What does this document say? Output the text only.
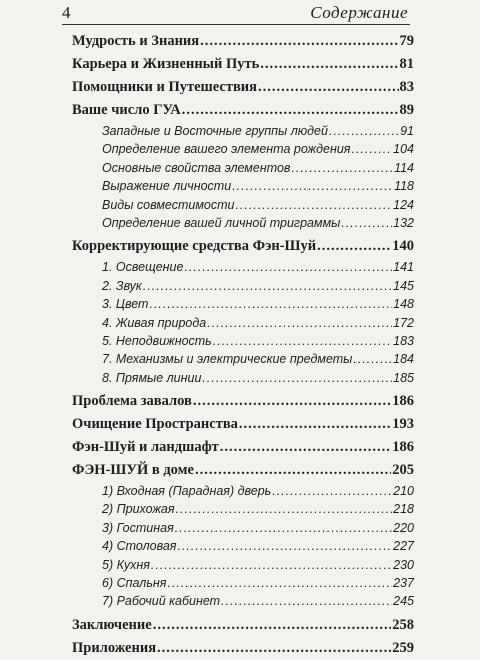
4	Содержание
Мудрость и Знания .....	79
Карьера и Жизненный Путь .....	81
Помощники и Путешествия .....	83
Ваше число ГУА .....	89
Западные и Восточные группы людей .....	91
Определение вашего элемента рождения .....	104
Основные свойства элементов .....	114
Выражение личности .....	118
Виды совместимости .....	124
Определение вашей личной триграммы .....	132
Корректирующие средства Фэн-Шуй .....	140
1. Освещение .....	141
2. Звук .....	145
3. Цвет .....	148
4. Живая природа .....	172
5. Неподвижность .....	183
7. Механизмы и электрические предметы .....	184
8. Прямые линии .....	185
Проблема завалов .....	186
Очищение Пространства .....	193
Фэн-Шуй и ландшафт .....	186
ФЭН-ШУЙ в доме .....	205
1) Входная (Парадная) дверь .....	210
2) Прихожая .....	218
3) Гостиная .....	220
4) Столовая .....	227
5) Кухня .....	230
6) Спальня .....	237
7) Рабочий кабинет .....	245
Заключение .....	258
Приложения .....	259
